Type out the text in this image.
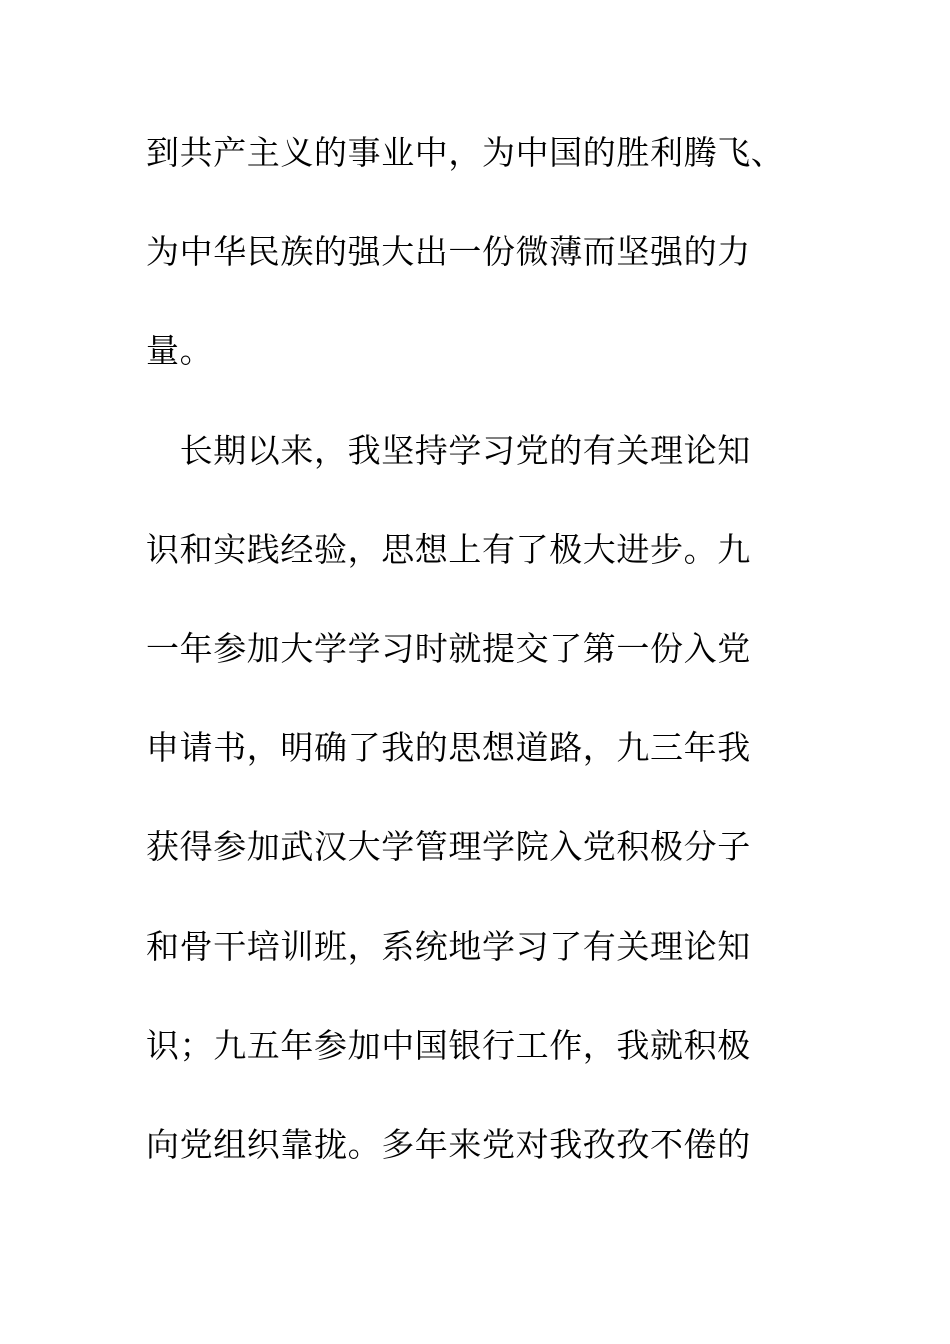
到共产主义的事业中，为中国的胜利腾飞、
为中华民族的强大出一份微薄而坚强的力
量。
　长期以来，我坚持学习党的有关理论知
识和实践经验，思想上有了极大进步。九
一年参加大学学习时就提交了第一份入党
申请书，明确了我的思想道路，九三年我
获得参加武汉大学管理学院入党积极分子
和骨干培训班，系统地学习了有关理论知
识；九五年参加中国银行工作，我就积极
向党组织靠拢。多年来党对我孜孜不倦的
